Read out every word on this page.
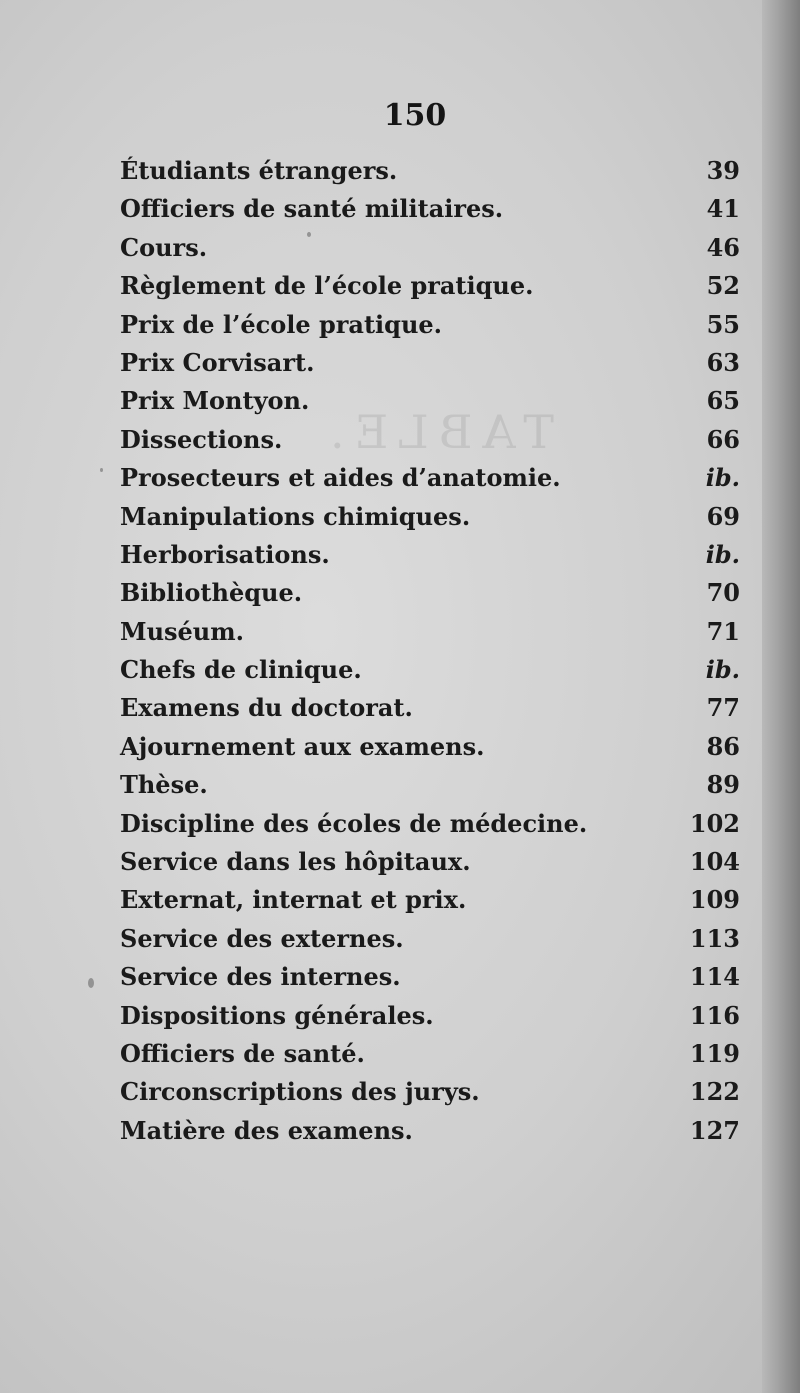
TABLE.
150
Étudiants étrangers.	39
Officiers de santé militaires.	41
Cours.	46
Règlement de l’école pratique.	52
Prix de l’école pratique.	55
Prix Corvisart.	63
Prix Montyon.	65
Dissections.	66
Prosecteurs et aides d’anatomie.	ib.
Manipulations chimiques.	69
Herborisations.	ib.
Bibliothèque.	70
Muséum.	71
Chefs de clinique.	ib.
Examens du doctorat.	77
Ajournement aux examens.	86
Thèse.	89
Discipline des écoles de médecine.	102
Service dans les hôpitaux.	104
Externat, internat et prix.	109
Service des externes.	113
Service des internes.	114
Dispositions générales.	116
Officiers de santé.	119
Circonscriptions des jurys.	122
Matière des examens.	127
